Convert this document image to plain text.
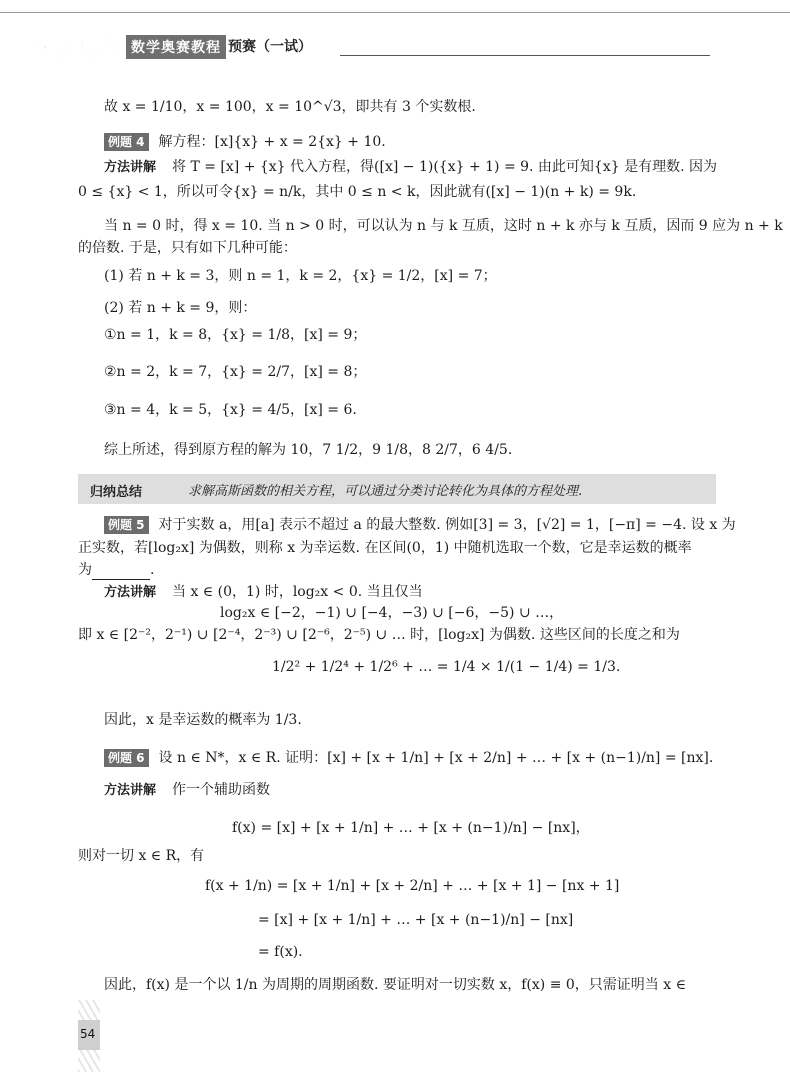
全 国
中 学
生 数学奥赛教程 预赛（一试）
故 x = 1/10，x = 100，x = 10^√3，即共有 3 个实数根.
例题 4 解方程：[x]{x} + x = 2{x} + 10.
方法讲解 将 T = [x] + {x} 代入方程，得([x] − 1)({x} + 1) = 9. 由此可知{x} 是有理数. 因为
0 ≤ {x} < 1，所以可令{x} = n/k，其中 0 ≤ n < k，因此就有([x] − 1)(n + k) = 9k.
当 n = 0 时，得 x = 10. 当 n > 0 时，可以认为 n 与 k 互质，这时 n + k 亦与 k 互质，因而 9 应为 n + k
的倍数. 于是，只有如下几种可能：
(1) 若 n + k = 3，则 n = 1，k = 2，{x} = 1/2，[x] = 7；
(2) 若 n + k = 9，则：
①n = 1，k = 8，{x} = 1/8，[x] = 9；
②n = 2，k = 7，{x} = 2/7，[x] = 8；
③n = 4，k = 5，{x} = 4/5，[x] = 6.
综上所述，得到原方程的解为 10，7 1/2，9 1/8，8 2/7，6 4/5.
归纳总结	求解高斯函数的相关方程，可以通过分类讨论转化为具体的方程处理.
例题 5 对于实数 a，用[a] 表示不超过 a 的最大整数. 例如[3] = 3，[√2] = 1，[−π] = −4. 设 x 为
正实数，若[log₂x] 为偶数，则称 x 为幸运数. 在区间(0，1) 中随机选取一个数，它是幸运数的概率
为	.
方法讲解 当 x ∈ (0，1) 时，log₂x < 0. 当且仅当
log₂x ∈ [−2，−1) ∪ [−4，−3) ∪ [−6，−5) ∪ …，
即 x ∈ [2⁻²，2⁻¹) ∪ [2⁻⁴，2⁻³) ∪ [2⁻⁶，2⁻⁵) ∪ … 时，[log₂x] 为偶数. 这些区间的长度之和为
1/2² + 1/2⁴ + 1/2⁶ + … = 1/4 × 1/(1 − 1/4) = 1/3.
因此，x 是幸运数的概率为 1/3.
例题 6 设 n ∈ N*，x ∈ R. 证明：[x] + [x + 1/n] + [x + 2/n] + … + [x + (n−1)/n] = [nx].
方法讲解 作一个辅助函数
f(x) = [x] + [x + 1/n] + … + [x + (n−1)/n] − [nx]，
则对一切 x ∈ R，有
f(x + 1/n) = [x + 1/n] + [x + 2/n] + … + [x + 1] − [nx + 1]
= [x] + [x + 1/n] + … + [x + (n−1)/n] − [nx]
= f(x).
因此，f(x) 是一个以 1/n 为周期的周期函数. 要证明对一切实数 x，f(x) ≡ 0，只需证明当 x ∈
54
